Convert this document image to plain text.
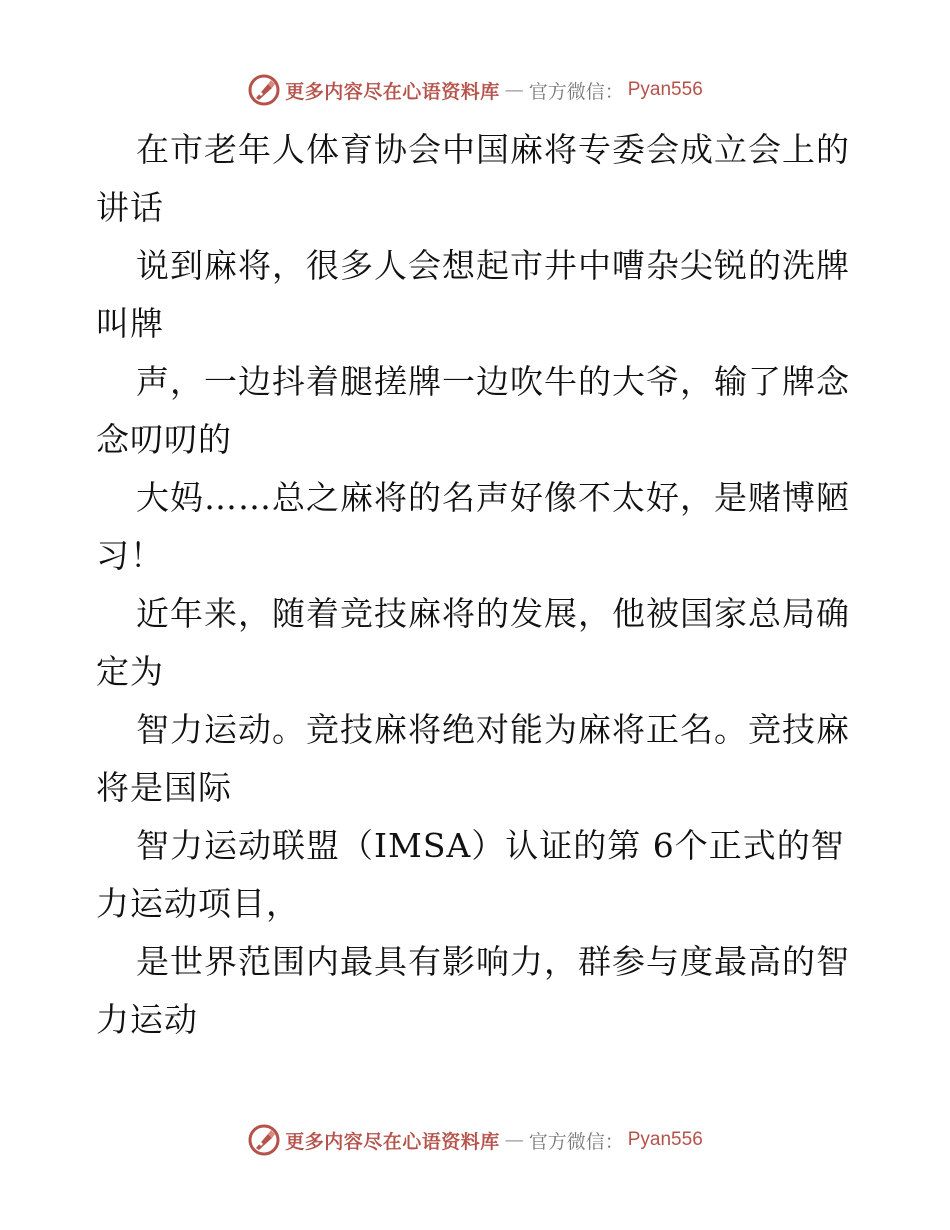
更多内容尽在心语资料库 — 官方微信： Pyan556

在市老年人体育协会中国麻将专委会成立会上的讲话

说到麻将，很多人会想起市井中嘈杂尖锐的洗牌叫牌

声，一边抖着腿搓牌一边吹牛的大爷，输了牌念念叨叨的

大妈……总之麻将的名声好像不太好，是赌博陋习！

近年来，随着竞技麻将的发展，他被国家总局确定为

智力运动。竞技麻将绝对能为麻将正名。竞技麻将是国际

智力运动联盟（IMSA）认证的第 6个正式的智力运动项目，

是世界范围内最具有影响力，群参与度最高的智力运动

更多内容尽在心语资料库 — 官方微信： Pyan556
